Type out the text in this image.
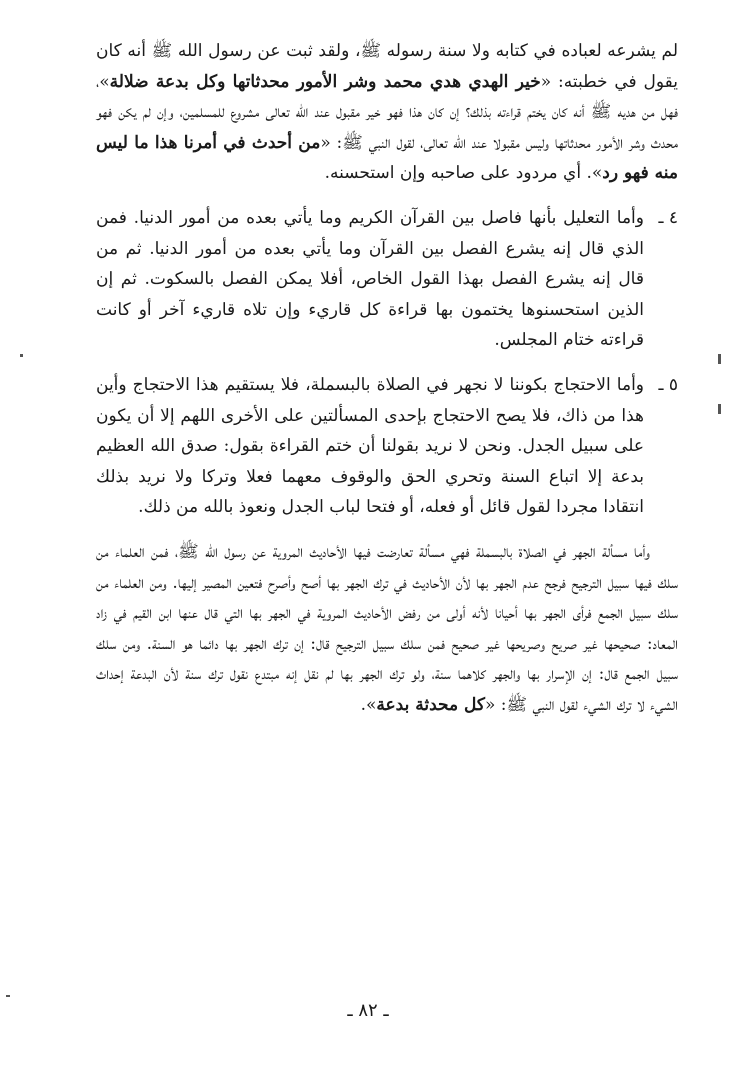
لم يشرعه لعباده في كتابه ولا سنة رسوله ﷺ، ولقد ثبت عن رسول الله ﷺ أنه كان يقول في خطبته: «خير الهدي هدي محمد وشر الأمور محدثاتها وكل بدعة ضلالة»، فهل من هديه ﷺ أنه كان يختم قراءته بذلك؟ إن كان هذا فهو خير مقبول عند الله تعالى مشروع للمسلمين، وإن لم يكن فهو محدث وشر الأمور محدثاتها وليس مقبولا عند الله تعالى، لقول النبي ﷺ: «من أحدث في أمرنا هذا ما ليس منه فهو رد». أي مردود على صاحبه وإن استحسنه.

٤ ـ
وأما التعليل بأنها فاصل بين القرآن الكريم وما يأتي بعده من أمور الدنيا. فمن الذي قال إنه يشرع الفصل بين القرآن وما يأتي بعده من أمور الدنيا. ثم من قال إنه يشرع الفصل بهذا القول الخاص، أفلا يمكن الفصل بالسكوت. ثم إن الذين استحسنوها يختمون بها قراءة كل قاريء وإن تلاه قاريء آخر أو كانت قراءته ختام المجلس.

٥ ـ
وأما الاحتجاج بكوننا لا نجهر في الصلاة بالبسملة، فلا يستقيم هذا الاحتجاج وأين هذا من ذاك، فلا يصح الاحتجاج بإحدى المسألتين على الأخرى اللهم إلا أن يكون على سبيل الجدل. ونحن لا نريد بقولنا أن ختم القراءة بقول: صدق الله العظيم بدعة إلا اتباع السنة وتحري الحق والوقوف معهما فعلا وتركا ولا نريد بذلك انتقادا مجردا لقول قائل أو فعله، أو فتحا لباب الجدل ونعوذ بالله من ذلك.

وأما مسألة الجهر في الصلاة بالبسملة فهي مسألة تعارضت فيها الأحاديث المروية عن رسول الله ﷺ، فمن العلماء من سلك فيها سبيل الترجيح فرجح عدم الجهر بها لأن الأحاديث في ترك الجهر بها أصح وأصرح فتعين المصير إليها. ومن العلماء من سلك سبيل الجمع فرأى الجهر بها أحيانا لأنه أولى من رفض الأحاديث المروية في الجهر بها التي قال عنها ابن القيم في زاد المعاد: صحيحها غير صريح وصريحها غير صحيح فمن سلك سبيل الترجيح قال: إن ترك الجهر بها دائما هو السنة. ومن سلك سبيل الجمع قال: إن الإسرار بها والجهر كلاهما سنة، ولو ترك الجهر بها لم نقل إنه مبتدع نقول ترك سنة لأن البدعة إحداث الشيء لا ترك الشيء لقول النبي ﷺ: «كل محدثة بدعة».

ـ ٨٢ ـ
